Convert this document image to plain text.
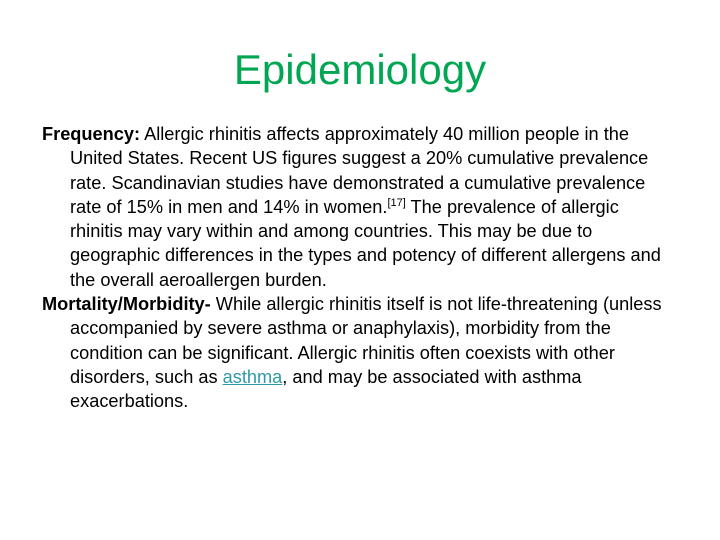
Epidemiology

Frequency: Allergic rhinitis affects approximately 40 million people in the United States. Recent US figures suggest a 20% cumulative prevalence rate. Scandinavian studies have demonstrated a cumulative prevalence rate of 15% in men and 14% in women.[17] The prevalence of allergic rhinitis may vary within and among countries. This may be due to geographic differences in the types and potency of different allergens and the overall aeroallergen burden.

Mortality/Morbidity- While allergic rhinitis itself is not life-threatening (unless accompanied by severe asthma or anaphylaxis), morbidity from the condition can be significant. Allergic rhinitis often coexists with other disorders, such as asthma, and may be associated with asthma exacerbations.
